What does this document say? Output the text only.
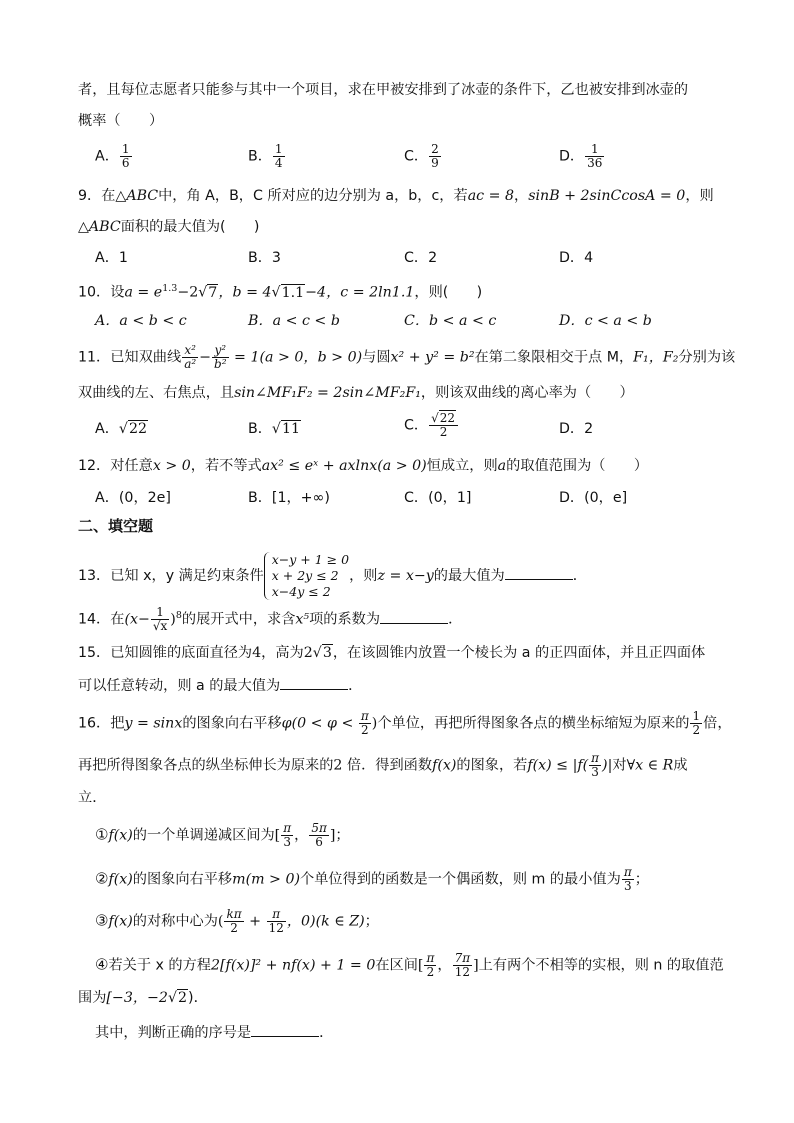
者，且每位志愿者只能参与其中一个项目，求在甲被安排到了冰壶的条件下，乙也被安排到冰壶的
概率（　　）
A． $\frac{1}{6}$	B． $\frac{1}{4}$	C． $\frac{2}{9}$	D． $\frac{1}{36}$
9．在△ABC中，角 A，B，C 所对应的边分别为 a，b，c，若ac = 8，sinB + 2sinCcosA = 0，则
△ABC面积的最大值为(　　)
A．1	B．3	C．2	D．4
10．设$a = e^{1.3}-2√7$，b = 4√1.1−4，c = 2ln1.1，则(　　)
A．a < b < c	B．a < c < b	C．b < a < c	D．c < a < b
11．已知双曲线 $\frac{\text{x²}}{\text{a²}} - \frac{\text{y²}}{\text{b²}} = 1(a > 0$，b > 0)与圆x² + y² = b²在第二象限相交于点 M，F₁，F₂分别为该
双曲线的左、右焦点，且sin∠MF₁F₂ = 2sin∠MF₂F₁，则该双曲线的离心率为（　　）
A．√22	B．√11	C． $\frac{√22}{2}$	D．2
12．对任意x > 0，若不等式ax² ≤ eˣ + axlnx(a > 0)恒成立，则a的取值范围为（　　）
A．(0，2e]	B．[1，+∞)	C．(0，1]	D．(0，e]
二、填空题
13．已知 x，y 满足约束条件
x−y + 1 ≥ 0
x + 2y ≤ 2
x−4y ≤ 2
，则z = x−y的最大值为	．
14．在$(x- \frac{1}{√x} )^8$的展开式中，求含x⁵项的系数为	．
15．已知圆锥的底面直径为4，高为2√3，在该圆锥内放置一个棱长为 a 的正四面体，并且正四面体
可以任意转动，则 a 的最大值为	．
16．把y = sinx的图象向右平移$\varphi(0 < \varphi < \frac{\pi}{2}$ )个单位，再把所得图象各点的横坐标缩短为原来的 $\frac{1}{2}$ 倍，
再把所得图象各点的纵坐标伸长为原来的2 倍．得到函数f(x)的图象，若$f(x) \le |f( \frac{\pi}{3}$ )|对∀x ∈ R成
立．
①f(x)的一个单调递减区间为[ $\frac{\pi}{3}$ ， $\frac{5\pi}{6}$ ]；
②f(x)的图象向右平移m(m > 0)个单位得到的函数是一个偶函数，则 m 的最小值为 $\frac{\pi}{3}$ ；
③f(x)的对称中心为( $\frac{k\pi}{2} + \frac{\pi}{12}$ ，0)(k ∈ Z)；
④若关于 x 的方程2[f(x)]² + nf(x) + 1 = 0在区间[ $\frac{\pi}{2}$ ， $\frac{7\pi}{12}$ ]上有两个不相等的实根，则 n 的取值范
围为[−3，−2√2)．
其中，判断正确的序号是	．
